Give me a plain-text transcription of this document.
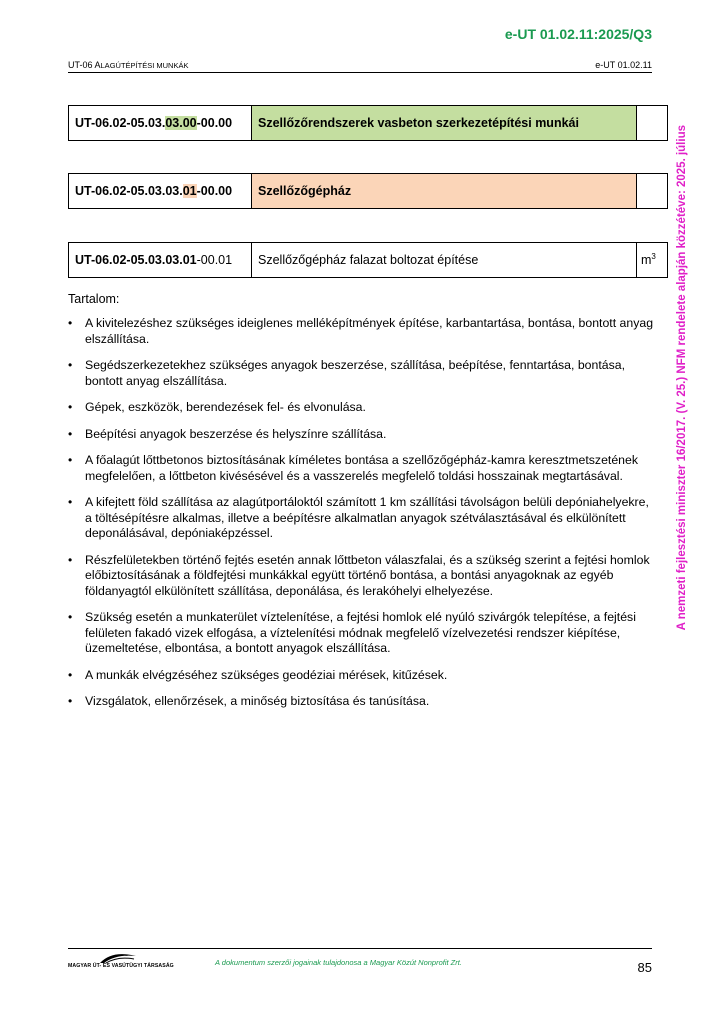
e-UT 01.02.11:2025/Q3
UT-06 ALAGÚTÉPÍTÉSI MUNKÁK	e-UT 01.02.11
UT-06.02-05.03.03.00-00.00	Szellőzőrendszerek vasbeton szerkezetépítési munkái	
UT-06.02-05.03.03.01-00.00	Szellőzőgépház	
UT-06.02-05.03.03.01-00.01	Szellőzőgépház falazat boltozat építése	$m^3$
Tartalom:
• A kivitelezéshez szükséges ideiglenes melléképítmények építése, karbantartása, bontása, bontott anyag elszállítása.
• Segédszerkezetekhez szükséges anyagok beszerzése, szállítása, beépítése, fenntartása, bontása, bontott anyag elszállítása.
• Gépek, eszközök, berendezések fel- és elvonulása.
• Beépítési anyagok beszerzése és helyszínre szállítása.
• A főalagút lőttbetonos biztosításának kíméletes bontása a szellőzőgépház-kamra keresztmetszetének megfelelően, a lőttbeton kivésésével és a vasszerelés megfelelő toldási hosszainak megtartásával.
• A kifejtett föld szállítása az alagútportáloktól számított 1 km szállítási távolságon belüli depóniahelyekre, a töltésépítésre alkalmas, illetve a beépítésre alkalmatlan anyagok szétválasztásával és elkülönített deponálásával, depóniaképzéssel.
• Részfelületekben történő fejtés esetén annak lőttbeton válaszfalai, és a szükség szerint a fejtési homlok előbiztosításának a földfejtési munkákkal együtt történő bontása, a bontási anyagoknak az egyéb földanyagtól elkülönített szállítása, deponálása, és lerakóhelyi elhelyezése.
• Szükség esetén a munkaterület víztelenítése, a fejtési homlok elé nyúló szivárgók telepítése, a fejtési felületen fakadó vizek elfogása, a víztelenítési módnak megfelelő vízelvezetési rendszer kiépítése, üzemeltetése, elbontása, a bontott anyagok elszállítása.
• A munkák elvégzéséhez szükséges geodéziai mérések, kitűzések.
• Vizsgálatok, ellenőrzések, a minőség biztosítása és tanúsítása.
A nemzeti fejlesztési miniszter 16/2017. (V. 25.) NFM rendelete alapján közzétéve: 2025. július
MAGYAR ÚT- ÉS VASÚTÜGYI TÁRSASÁG	A dokumentum szerzői jogainak tulajdonosa a Magyar Közút Nonprofit Zrt.	85
